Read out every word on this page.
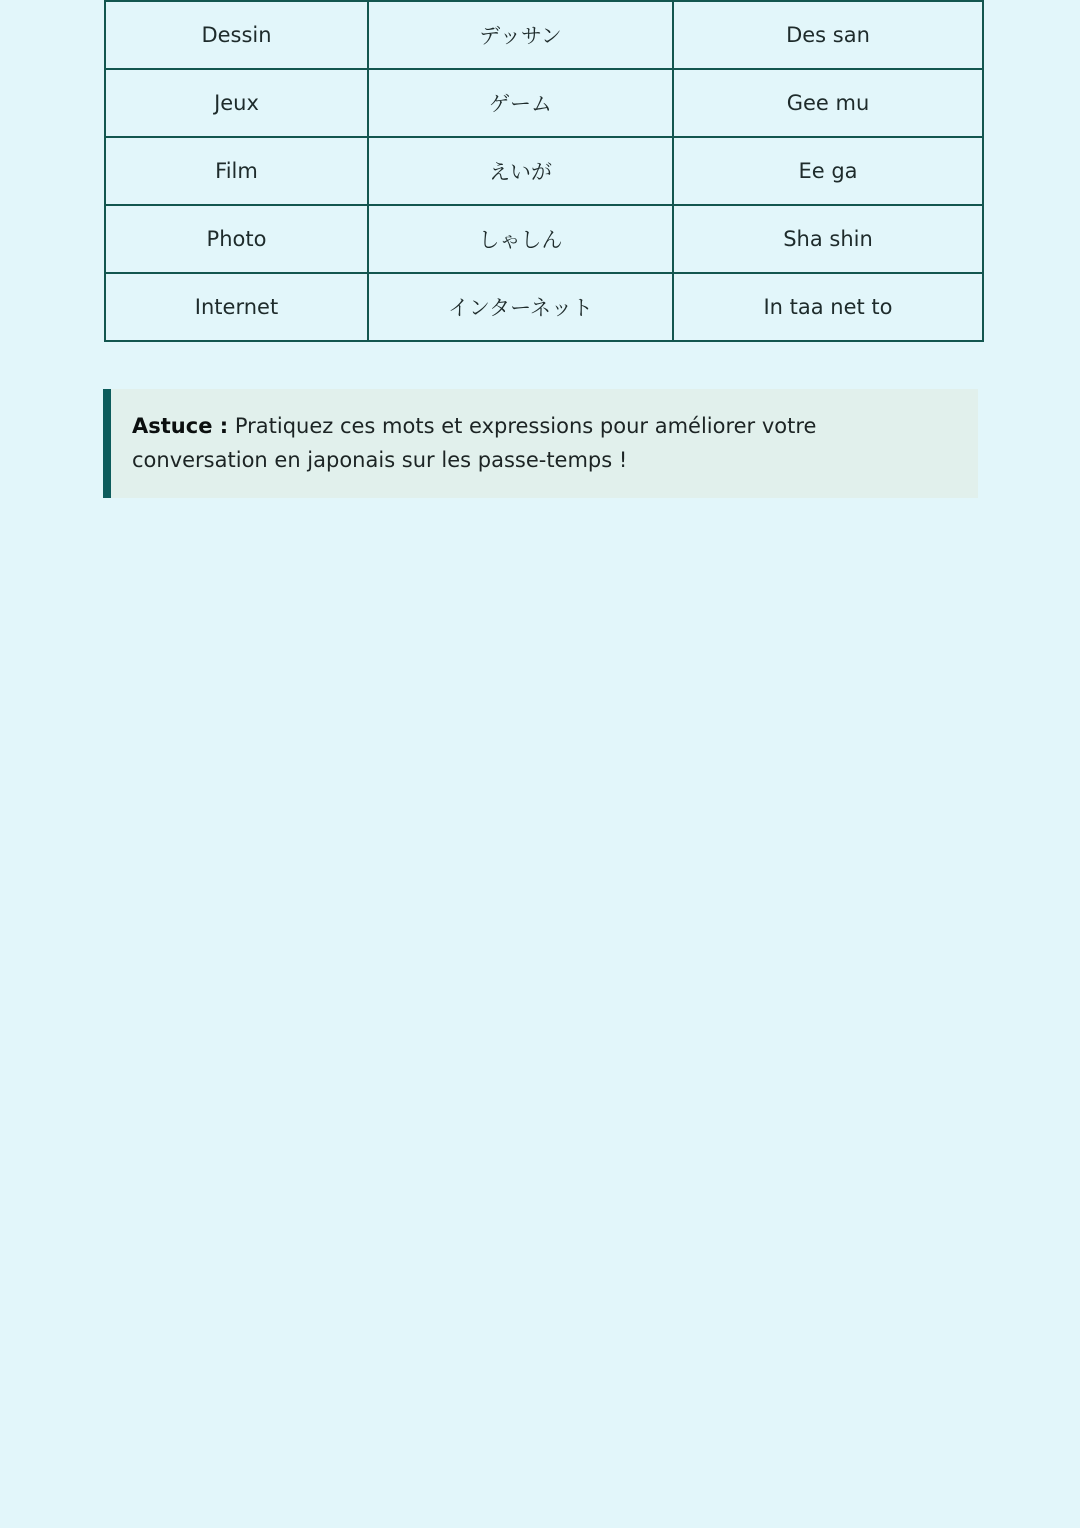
Dessin	デッサン	Des san
Jeux	ゲーム	Gee mu
Film	えいが	Ee ga
Photo	しゃしん	Sha shin
Internet	インターネット	In taa net to
Astuce : Pratiquez ces mots et expressions pour améliorer votre conversation en japonais sur les passe-temps !
